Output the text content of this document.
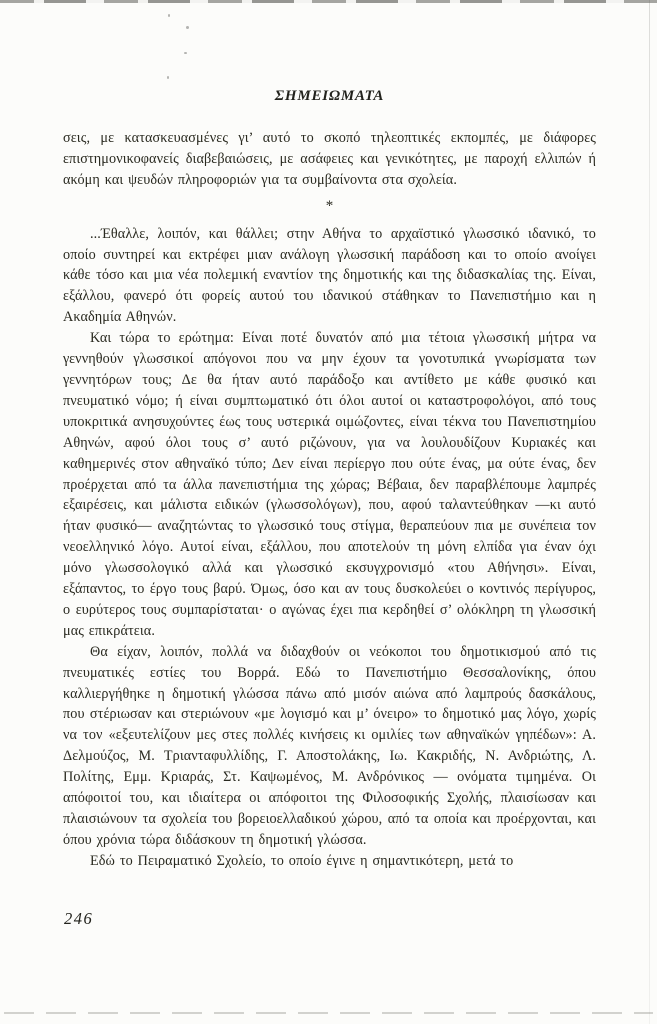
ΣΗΜΕΙΩΜΑΤΑ

σεις, με κατασκευασμένες γι’ αυτό το σκοπό τηλεοπτικές εκπομπές, με διάφορες επιστημονικοφανείς διαβεβαιώσεις, με ασάφειες και γενικότητες, με παροχή ελλιπών ή ακόμη και ψευδών πληροφοριών για τα συμβαίνοντα στα σχολεία.

*

...Έθαλλε, λοιπόν, και θάλλει; στην Αθήνα το αρχαϊστικό γλωσσικό ιδανικό, το οποίο συντηρεί και εκτρέφει μιαν ανάλογη γλωσσική παράδοση και το οποίο ανοίγει κάθε τόσο και μια νέα πολεμική εναντίον της δημοτικής και της διδασκαλίας της. Είναι, εξάλλου, φανερό ότι φορείς αυτού του ιδανικού στάθηκαν το Πανεπιστήμιο και η Ακαδημία Αθηνών.

Και τώρα το ερώτημα: Είναι ποτέ δυνατόν από μια τέτοια γλωσσική μήτρα να γεννηθούν γλωσσικοί απόγονοι που να μην έχουν τα γονοτυπικά γνωρίσματα των γεννητόρων τους; Δε θα ήταν αυτό παράδοξο και αντίθετο με κάθε φυσικό και πνευματικό νόμο; ή είναι συμπτωματικό ότι όλοι αυτοί οι καταστροφολόγοι, από τους υποκριτικά ανησυχούντες έως τους υστερικά οιμώζοντες, είναι τέκνα του Πανεπιστημίου Αθηνών, αφού όλοι τους σ’ αυτό ριζώνουν, για να λουλουδίζουν Κυριακές και καθημερινές στον αθηναϊκό τύπο; Δεν είναι περίεργο που ούτε ένας, μα ούτε ένας, δεν προέρχεται από τα άλλα πανεπιστήμια της χώρας; Βέβαια, δεν παραβλέπουμε λαμπρές εξαιρέσεις, και μάλιστα ειδικών (γλωσσολόγων), που, αφού ταλαντεύθηκαν —κι αυτό ήταν φυσικό— αναζητώντας το γλωσσικό τους στίγμα, θεραπεύουν πια με συνέπεια τον νεοελληνικό λόγο. Αυτοί είναι, εξάλλου, που αποτελούν τη μόνη ελπίδα για έναν όχι μόνο γλωσσολογικό αλλά και γλωσσικό εκσυγχρονισμό «του Αθήνησι». Είναι, εξάπαντος, το έργο τους βαρύ. Όμως, όσο και αν τους δυσκολεύει ο κοντινός περίγυρος, ο ευρύτερος τους συμπαρίσταται· ο αγώνας έχει πια κερδηθεί σ’ ολόκληρη τη γλωσσική μας επικράτεια.

Θα είχαν, λοιπόν, πολλά να διδαχθούν οι νεόκοποι του δημοτικισμού από τις πνευματικές εστίες του Βορρά. Εδώ το Πανεπιστήμιο Θεσσαλονίκης, όπου καλλιεργήθηκε η δημοτική γλώσσα πάνω από μισόν αιώνα από λαμπρούς δασκάλους, που στέριωσαν και στεριώνουν «με λογισμό και μ’ όνειρο» το δημοτικό μας λόγο, χωρίς να τον «εξευτελίζουν μες στες πολλές κινήσεις κι ομιλίες των αθηναϊκών γηπέδων»: Α. Δελμούζος, Μ. Τριανταφυλλίδης, Γ. Αποστολάκης, Ιω. Κακριδής, Ν. Ανδριώτης, Λ. Πολίτης, Εμμ. Κριαράς, Στ. Καψωμένος, Μ. Ανδρόνικος — ονόματα τιμημένα. Οι απόφοιτοί του, και ιδιαίτερα οι απόφοιτοι της Φιλοσοφικής Σχολής, πλαισίωσαν και πλαισιώνουν τα σχολεία του βορειοελλαδικού χώρου, από τα οποία και προέρχονται, και όπου χρόνια τώρα διδάσκουν τη δημοτική γλώσσα.

Εδώ το Πειραματικό Σχολείο, το οποίο έγινε η σημαντικότερη, μετά το

246
